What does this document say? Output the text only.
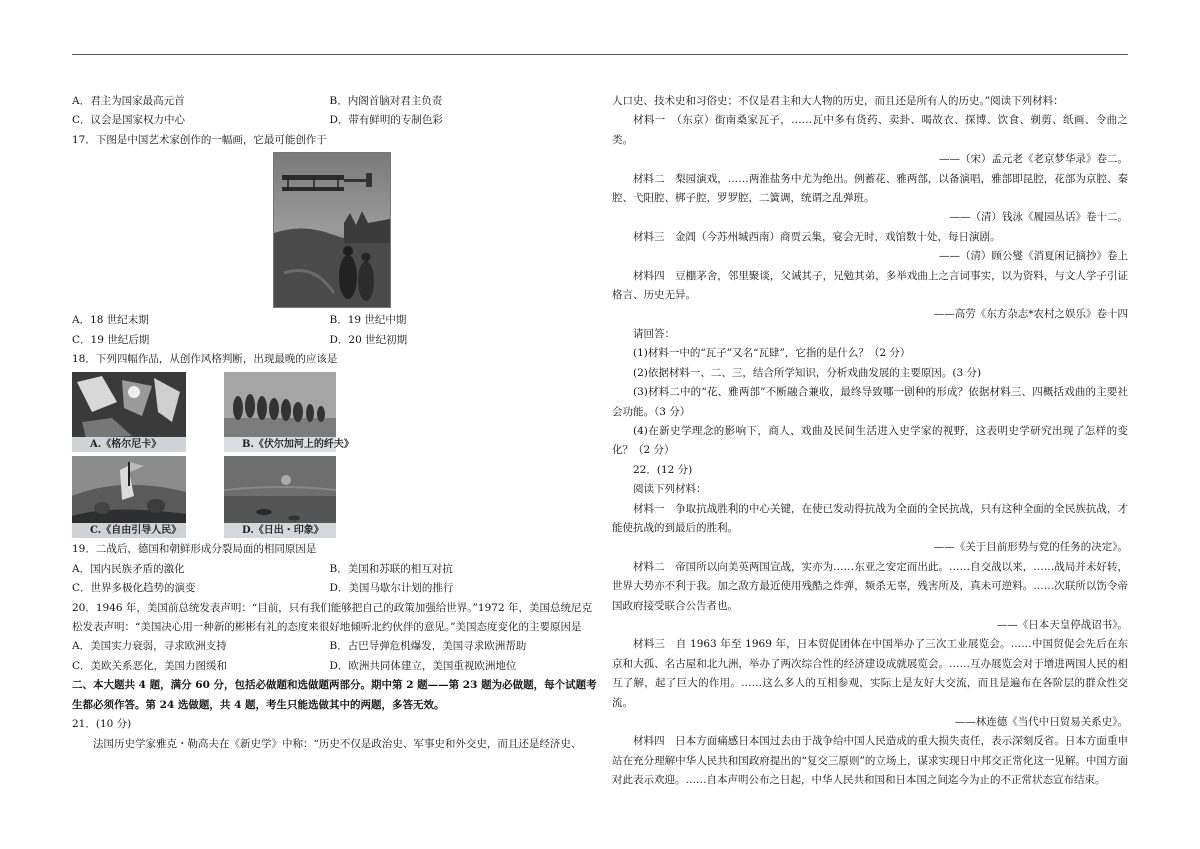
A．君主为国家最高元首	B．内阁首脑对君主负责
C．议会是国家权力中心	D．带有鲜明的专制色彩
17．下图是中国艺术家创作的一幅画，它最可能创作于
A．18 世纪末期	B．19 世纪中期
C．19 世纪后期	D．20 世纪初期
18．下列四幅作品，从创作风格判断，出现最晚的应该是
A.《格尔尼卡》	B.《伏尔加河上的纤夫》
C.《自由引导人民》	D.《日出・印象》
19．二战后，德国和朝鲜形成分裂局面的相同原因是
A．国内民族矛盾的激化	B．美国和苏联的相互对抗
C．世界多极化趋势的演变	D．美国马歇尔计划的推行
20．1946 年，美国前总统发表声明：“目前，只有我们能够把自己的政策加强给世界。”1972 年，美国总统尼克
松发表声明：“美国决心用一种新的彬彬有礼的态度来很好地倾听北约伙伴的意见。”美国态度变化的主要原因是
A．美国实力衰弱，寻求欧洲支持	B．古巴导弹危机爆发，美国寻求欧洲帮助
C．美欧关系恶化，美国力图缓和	D．欧洲共同体建立，美国重视欧洲地位
二、本大题共 4 题，满分 60 分，包括必做题和选做题两部分。期中第 2 题——第 23 题为必做题，每个试题考
生都必须作答。第 24 选做题，共 4 题，考生只能选做其中的两题，多答无效。
21．(10 分)
法国历史学家雅克・勒高夫在《新史学》中称：“历史不仅是政治史、军事史和外交史，而且还是经济史、
人口史、技术史和习俗史；不仅是君主和大人物的历史，而且还是所有人的历史。”阅读下列材料：

材料一　（东京）街南桑家瓦子，……瓦中多有货药、卖卦、喝故衣、探博、饮食、剃剪、纸画、令曲之类。

——（宋）孟元老《老京梦华录》卷二。

材料二　梨园演戏，……两淮盐务中尤为绝出。例蓄花、雅两部，以备演唱，雅部即昆腔，花部为京腔、秦腔、弋阳腔、梆子腔，罗罗腔，二簧调，统谓之乱弹班。

——（清）钱泳《履园丛话》卷十二。

材料三　金阊（今苏州城西南）商贾云集，宴会无时，戏馆数十处，每日演剧。

——（清）顾公燮《消夏闲记摘抄》卷上

材料四　豆棚茅舍，邻里聚谈，父诫其子，兄勉其弟，多举戏曲上之言词事实，以为资料，与文人学子引证格言、历史无异。

——高劳《东方杂志*农村之娱乐》卷十四
请回答：
(1)材料一中的“瓦子”又名“瓦肆”，它指的是什么？（2 分）
(2)依据材料一、二、三，结合所学知识，分析戏曲发展的主要原因。(3 分)

(3)材料二中的“花、雅两部”不断融合兼收，最终导致哪一剧种的形成？依据材料三、四概括戏曲的主要社会功能。（3 分）

(4)在新史学理念的影响下，商人、戏曲及民间生活进入史学家的视野，这表明史学研究出现了怎样的变化？（2 分）

22．(12 分)
阅读下列材料：

材料一　争取抗战胜利的中心关键，在使已发动得抗战为全面的全民抗战，只有这种全面的全民族抗战，才能使抗战的到最后的胜利。

——《关于目前形势与党的任务的决定》。

材料二　帝国所以向美英两国宣战，实亦为……东亚之安定而出此。……自交战以来，……战局并未好转，世界大势亦不利于我。加之敌方最近使用残酷之炸弹，频杀无辜，残害所及，真未可逆料。……次联所以饬令帝国政府接受联合公告者也。

——《日本天皇停战诏书》。

材料三　自 1963 年至 1969 年，日本贸促团体在中国举办了三次工业展览会。……中国贸促会先后在东京和大孤、名古屋和北九洲，举办了两次综合性的经济建设成就展览会。……互办展览会对于增进两国人民的相互了解，起了巨大的作用。……这么多人的互相参观，实际上是友好大交流，而且是遍布在各阶层的群众性交流。

——林连德《当代中日贸易关系史》。

材料四　日本方面痛感日本国过去由于战争给中国人民造成的重大损失责任，表示深刻反省。日本方面重申站在充分理解中华人民共和国政府提出的“复交三原则”的立场上，谋求实现日中邦交正常化这一见解。中国方面对此表示欢迎。……自本声明公布之日起，中华人民共和国和日本国之间迄今为止的不正常状态宣布结束。
